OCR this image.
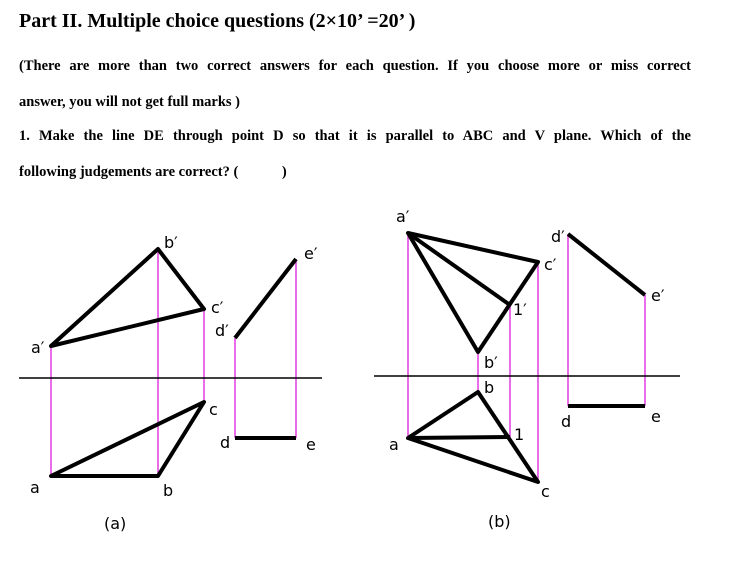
Part II. Multiple choice questions (2×10’ =20’ )
(There are more than two correct answers for each question. If you choose more or miss correct
answer, you will not get full marks )
1. Make the line DE through point D so that it is parallel to ABC and V plane. Which of the
following judgements are correct? (            )
a′
b′
c′
d′
e′
a	b
c
d	e
(a)
a′
b′
c′
d′
e′
1′
a
b
c
d	e
1
(b)
